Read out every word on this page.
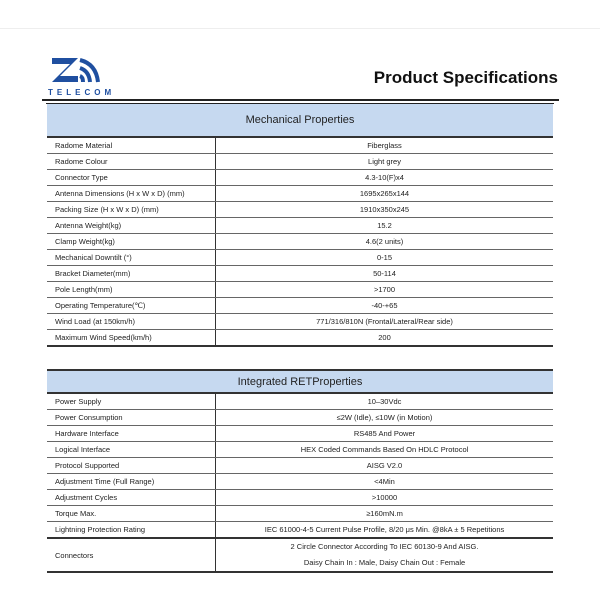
TELECOM
Product Specifications
Mechanical Properties	
Radome Material	Fiberglass
Radome Colour	Light grey
Connector Type	4.3-10(F)x4
Antenna Dimensions (H x W x D) (mm)	1695x265x144
Packing Size (H x W x D) (mm)	1910x350x245
Antenna Weight(kg)	15.2
Clamp Weight(kg)	4.6(2 units)
Mechanical Downtilt (°)	0-15
Bracket Diameter(mm)	50-114
Pole Length(mm)	>1700
Operating Temperature(℃)	-40-+65
Wind Load (at 150km/h)	771/316/810N (Frontal/Lateral/Rear side)
Maximum Wind Speed(km/h)	200
Integrated RETProperties	
Power Supply	10–30Vdc
Power Consumption	≤2W (Idle), ≤10W (in Motion)
Hardware Interface	RS485 And Power
Logical Interface	HEX Coded Commands Based On HDLC Protocol
Protocol Supported	AISG V2.0
Adjustment Time (Full Range)	<4Min
Adjustment Cycles	>10000
Torque Max.	≥160mN.m
Lightning Protection Rating	IEC 61000-4-5 Current Pulse Profile, 8/20 μs Min. @8kA ± 5 Repetitions
Connectors	2 Circle Connector According To IEC 60130-9 And AISG.
Daisy Chain In : Male, Daisy Chain Out : Female
